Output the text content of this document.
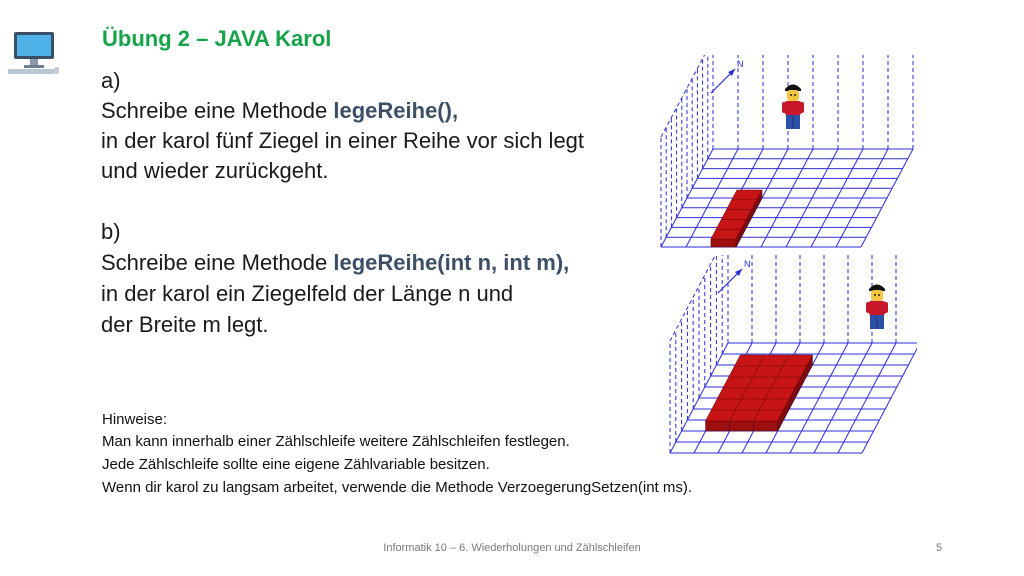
Übung 2 – JAVA Karol
a)
Schreibe eine Methode legeReihe(),
in der karol fünf Ziegel in einer Reihe vor sich legt
und wieder zurückgeht.
b)
Schreibe eine Methode legeReihe(int n, int m),
in der karol ein Ziegelfeld der Länge n und
der Breite m legt.
Hinweise:
Man kann innerhalb einer Zählschleife weitere Zählschleifen festlegen.
Jede Zählschleife sollte eine eigene Zählvariable besitzen.
Wenn dir karol zu langsam arbeitet, verwende die Methode VerzoegerungSetzen(int ms).
N
N
Informatik 10 – 6. Wiederholungen und Zählschleifen	5
